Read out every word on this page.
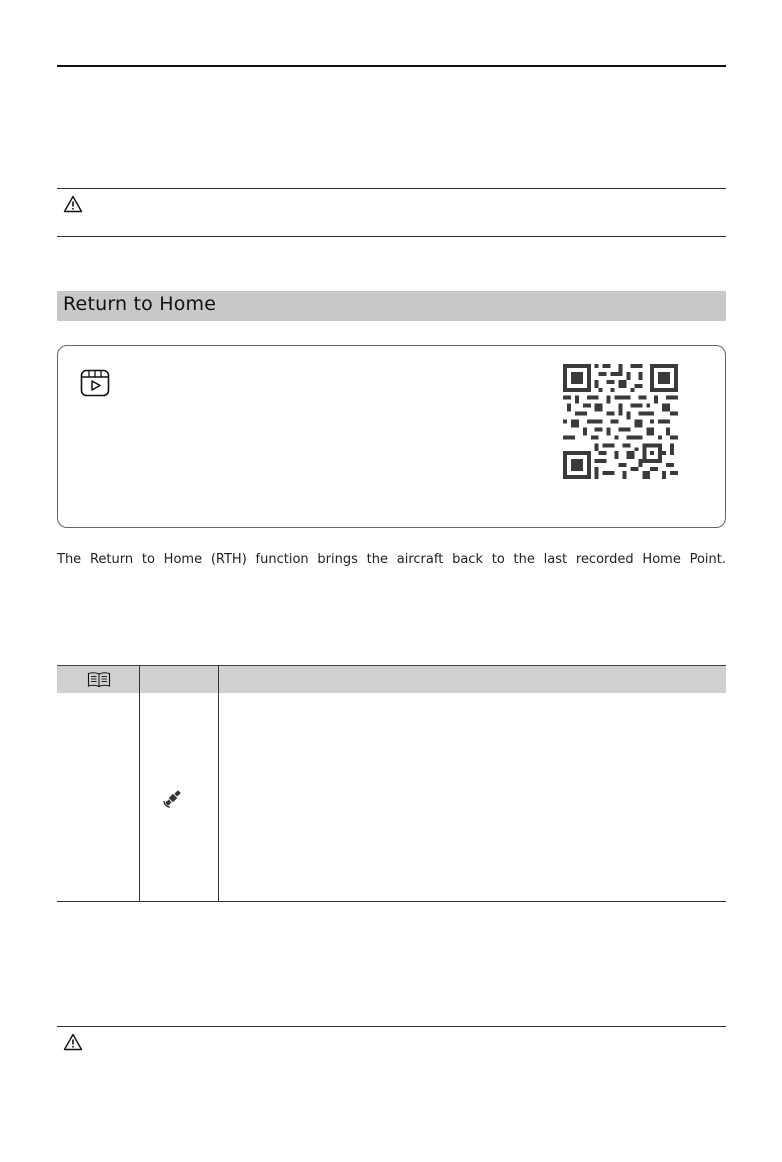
Return to Home

The Return to Home (RTH) function brings the aircraft back to the last recorded Home Point.
